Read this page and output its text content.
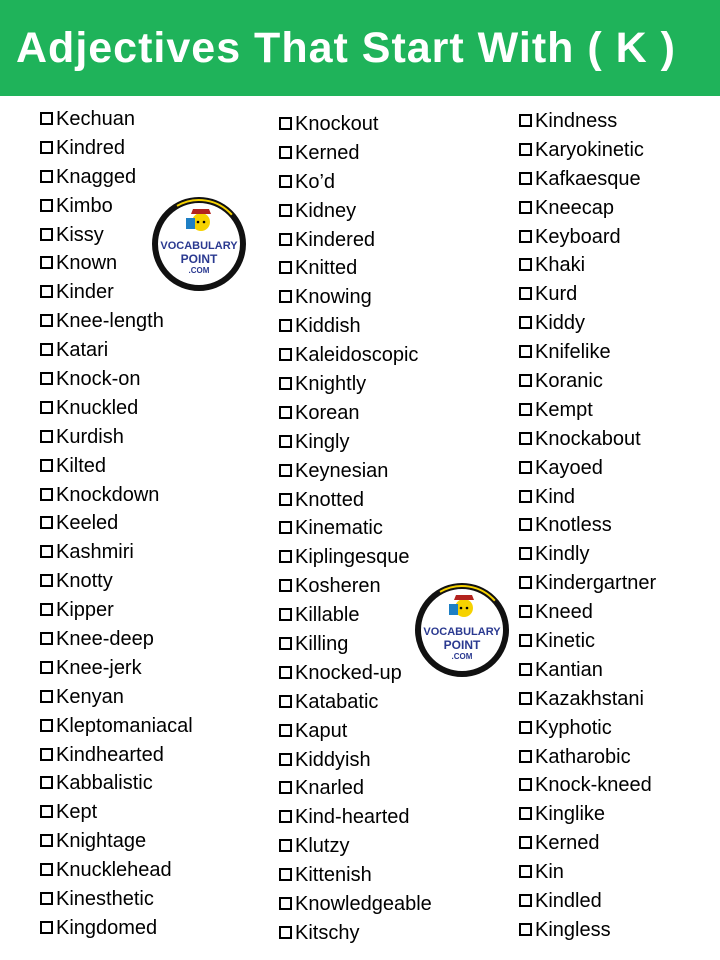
Adjectives That Start With ( K )
Kechuan
Kindred
Knagged
Kimbo
Kissy
Known
Kinder
Knee-length
Katari
Knock-on
Knuckled
Kurdish
Kilted
Knockdown
Keeled
Kashmiri
Knotty
Kipper
Knee-deep
Knee-jerk
Kenyan
Kleptomaniacal
Kindhearted
Kabbalistic
Kept
Knightage
Knucklehead
Kinesthetic
Kingdomed
Knockout
Kerned
Ko’d
Kidney
Kindered
Knitted
Knowing
Kiddish
Kaleidoscopic
Knightly
Korean
Kingly
Keynesian
Knotted
Kinematic
Kiplingesque
Kosheren
Killable
Killing
Knocked-up
Katabatic
Kaput
Kiddyish
Knarled
Kind-hearted
Klutzy
Kittenish
Knowledgeable
Kitschy
Kindness
Karyokinetic
Kafkaesque
Kneecap
Keyboard
Khaki
Kurd
Kiddy
Knifelike
Koranic
Kempt
Knockabout
Kayoed
Kind
Knotless
Kindly
Kindergartner
Kneed
Kinetic
Kantian
Kazakhstani
Kyphotic
Katharobic
Knock-kneed
Kinglike
Kerned
Kin
Kindled
Kingless
VOCABULARY
POINT
.COM
VOCABULARY
POINT
.COM
